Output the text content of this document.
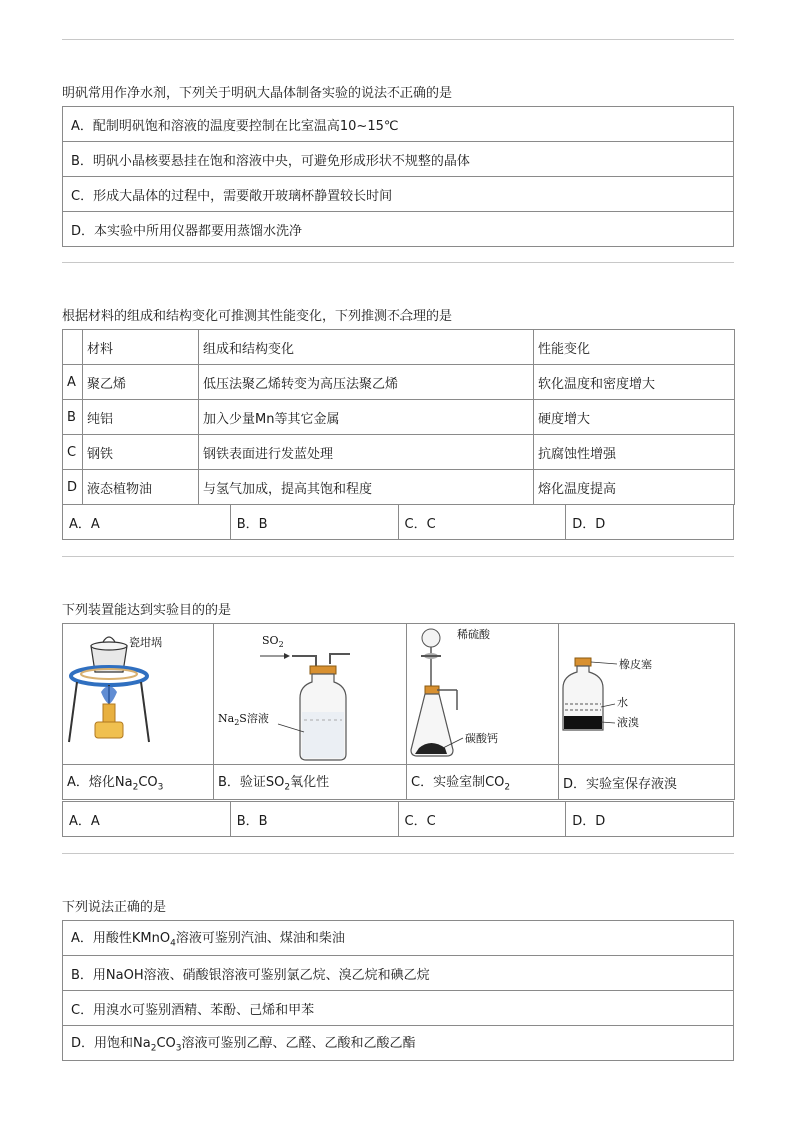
明矾常用作净水剂，下列关于明矾大晶体制备实验的说法不正确 • • •的是
A．配制明矾饱和溶液的温度要控制在比室温高10~15℃
B．明矾小晶核要悬挂在饱和溶液中央，可避免形成形状不规整的晶体
C．形成大晶体的过程中，需要敞开玻璃杯静置较长时间
D．本实验中所用仪器都要用蒸馏水洗净
根据材料的组成和结构变化可推测其性能变化，下列推测不合理 • • •的是
	材料	组成和结构变化	性能变化
A	聚乙烯	低压法聚乙烯转变为高压法聚乙烯	软化温度和密度增大
B	纯铝	加入少量Mn等其它金属	硬度增大
C	钢铁	钢铁表面进行发蓝处理	抗腐蚀性增强
D	液态植物油	与氢气加成，提高其饱和程度	熔化温度提高
A．A	B．B	C．C	D．D
下列装置能达到实验目的的是
瓷坩埚	$SO_2$
$Na_2S$溶液	稀硫酸
碳酸钙	橡皮塞
水
液溴

A．熔化$Na_2CO_3$	B．验证$SO_2$氧化性	C．实验室制$CO_2$	D．实验室保存液溴
A．A	B．B	C．C	D．D
下列说法正确的是
A．用酸性KMnO$_4$溶液可鉴别汽油、煤油和柴油
B．用NaOH溶液、硝酸银溶液可鉴别氯乙烷、溴乙烷和碘乙烷
C．用溴水可鉴别酒精、苯酚、己烯和甲苯
D．用饱和$Na_2CO_3$溶液可鉴别乙醇、乙醛、乙酸和乙酸乙酯
